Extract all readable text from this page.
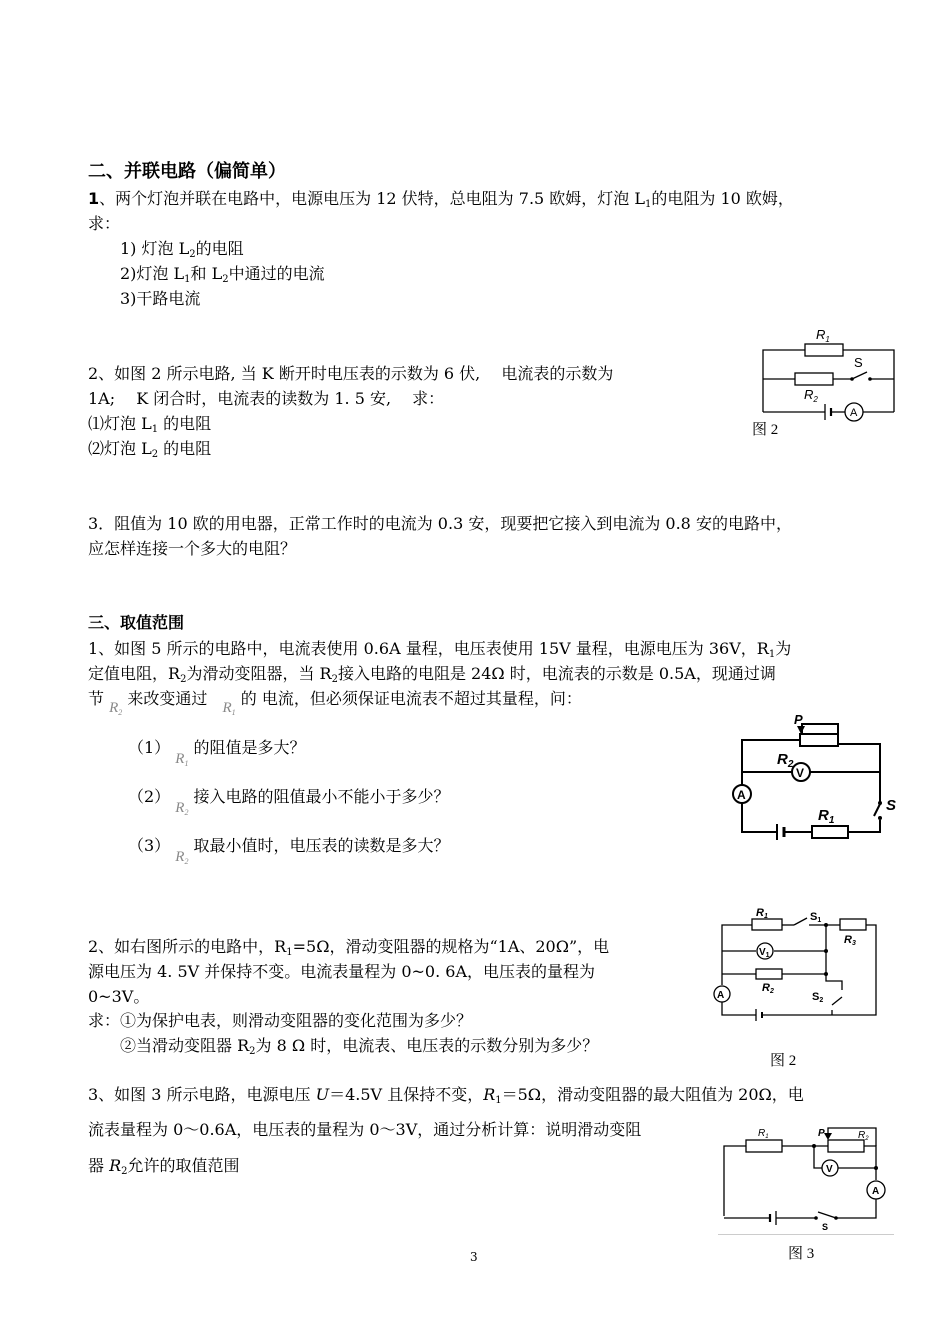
二、并联电路（偏简单）
1、两个灯泡并联在电路中，电源电压为 12 伏特，总电阻为 7.5 欧姆，灯泡 $L_1$的电阻为 10 欧姆，
求：
1) 灯泡 $L_2$的电阻
2)灯泡 $L_1$和 $L_2$中通过的电流
3)干路电流
2、如图 2 所示电路, 当 K 断开时电压表的示数为 6 伏,　 电流表的示数为
1A;　 K 闭合时，电流表的读数为 1. 5 安,　 求：
⑴灯泡 $L_1$ 的电阻
⑵灯泡 $L_2$ 的电阻
$R_1$
S
$R_2$
A
图 2
3．阻值为 10 欧的用电器，正常工作时的电流为 0.3 安，现要把它接入到电流为 0.8 安的电路中，
应怎样连接一个多大的电阻？
三、取值范围
1、如图 5 所示的电路中，电流表使用 0.6A 量程，电压表使用 15V 量程，电源电压为 36V，$R_1$为
定值电阻，$R_2$为滑动变阻器，当 $R_2$接入电路的电阻是 24Ω 时，电流表的示数是 0.5A，现通过调
节 $R_2$ 来改变通过 $R_1$ 的 电流，但必须保证电流表不超过其量程，问：
（1） $R_1$ 的阻值是多大？
（2） $R_2$ 接入电路的阻值最小不能小于多少？
（3） $R_2$ 取最小值时，电压表的读数是多大？
P
$R_2$
V
A
S
$R_1$
2、如右图所示的电路中，$R_1=5\Omega$，滑动变阻器的规格为“1A、20Ω”，电
源电压为 4. 5V 并保持不变。电流表量程为 0~0. 6A，电压表的量程为
0~3V。
求：①为保护电表，则滑动变阻器的变化范围为多少？
②当滑动变阻器 $R_2$为 8 Ω 时，电流表、电压表的示数分别为多少？
R1	S1
R3
$V_1$
R2	S2
A
图 2
3、如图 3 所示电路，电源电压 U＝4.5V 且保持不变，$R_1=5\Omega$，滑动变阻器的最大阻值为 20Ω，电
流表量程为 0～0.6A，电压表的量程为 0～3V，通过分析计算：说明滑动变阻
器 $R_2$允许的取值范围
$R_1$	P	$R_2$
V
A
S
图 3
3
